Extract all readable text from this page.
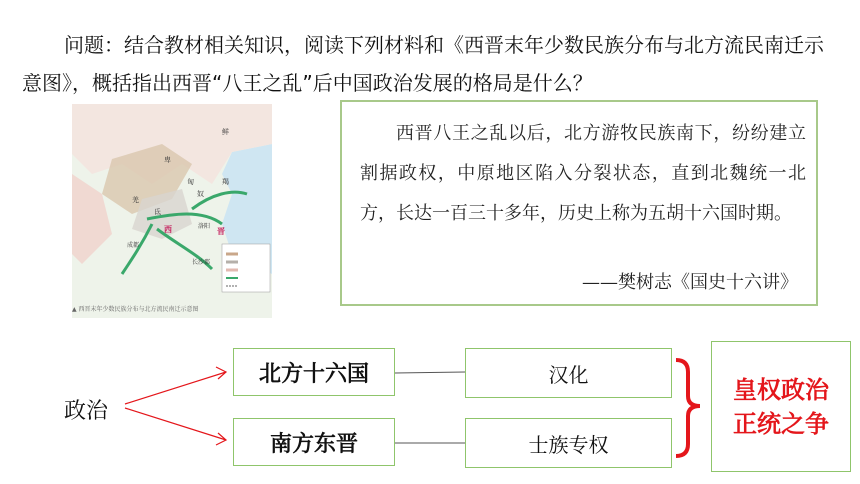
问题：结合教材相关知识，阅读下列材料和《西晋末年少数民族分布与北方流民南迁示意图》，概括指出西晋“八王之乱”后中国政治发展的格局是什么？
鲜
卑
匈
奴
羯
羌
氐
西	晋
洛阳
成都
长沙郡
▲ 西晋末年少数民族分布与北方流民南迁示意图
西晋八王之乱以后，北方游牧民族南下，纷纷建立割据政权，中原地区陷入分裂状态，直到北魏统一北方，长达一百三十多年，历史上称为五胡十六国时期。
——樊树志《国史十六讲》
政治
北方十六国
南方东晋
汉化
士族专权
皇权政治
正统之争
